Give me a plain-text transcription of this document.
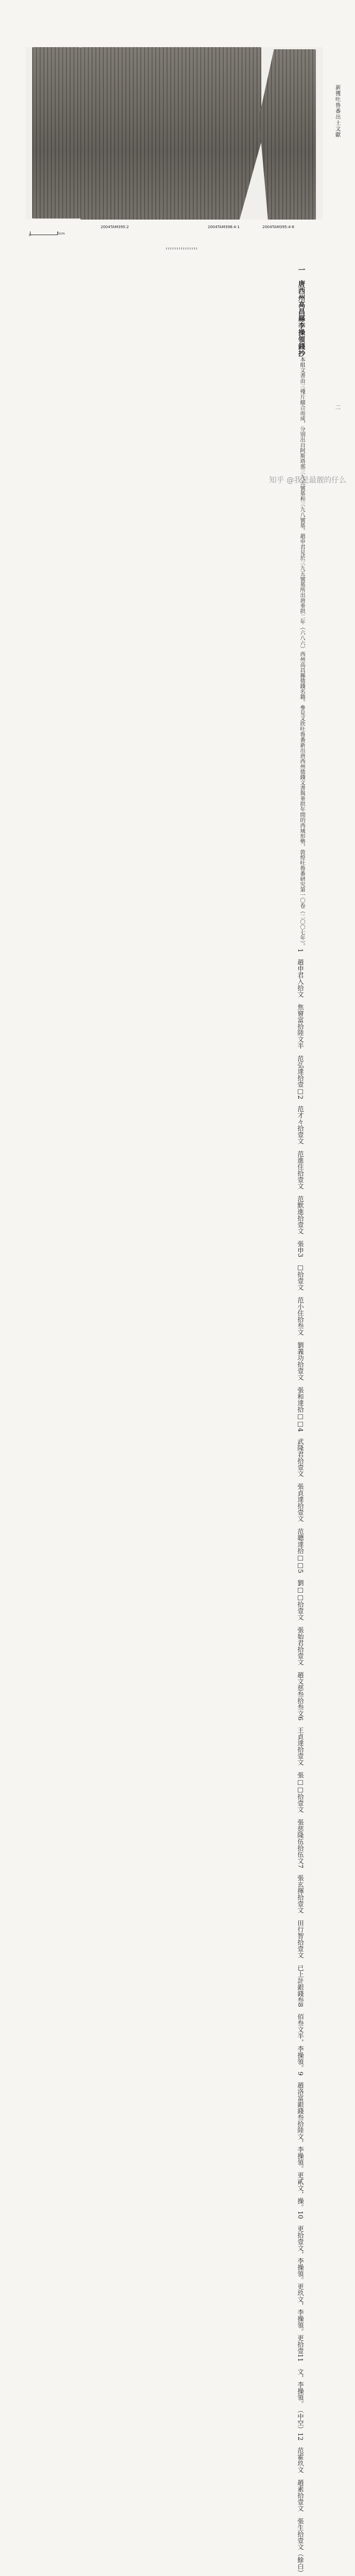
新獲吐魯番出土文獻
二
2004TAM395:2	2004TAM398:4-1	2004TAM395:4-6
0	5cm
一　唐西州高昌縣李操領錢抄
本組文書由三殘片綴合而成，分别出自阿斯塔那三九五號墓
和三九八號墓。趙申君見於三九五號墓所出唐垂拱二年（六八六）
西州高昌縣徵錢名籍。參見文欣吐魯番新出唐西州徵錢文書與垂
拱年間的西域形勢，敦煌吐魯番研究第一〇卷（二〇〇七年）。
1　趙申君入拾文　焦䆵富拾陸文半　范弘達拾壹□
2　范才々拾壹文　范進住拾壹文　范默進拾壹文　張申
3　□拾壹文　范小住拾叁文　劉義功拾壹文　張和達拾□□
4　武隆君拾壹文　張貞達拾壹文　范聰達拾□□
5　劉□□拾壹文　張始君拾壹文　趙文慈叁拾叁文
6　王貞達拾壹文　張□□拾壹文　張慈隆伍拾伍文
7　張玄揮拾壹文　田行智拾壹文　已上計銀錢叁
8　佰叁文半，李操領。
9　趙洛富銀錢叁拾陸文，李操領。更貳文，操。
10　更拾壹文，李操領。更玖文，李操領。更拾壹
11　文，李操領。
（中空）
12　范霍玖文　趙素拾壹文　張生拾壹文
（餘白）
知乎 @我是最靓的仔么
